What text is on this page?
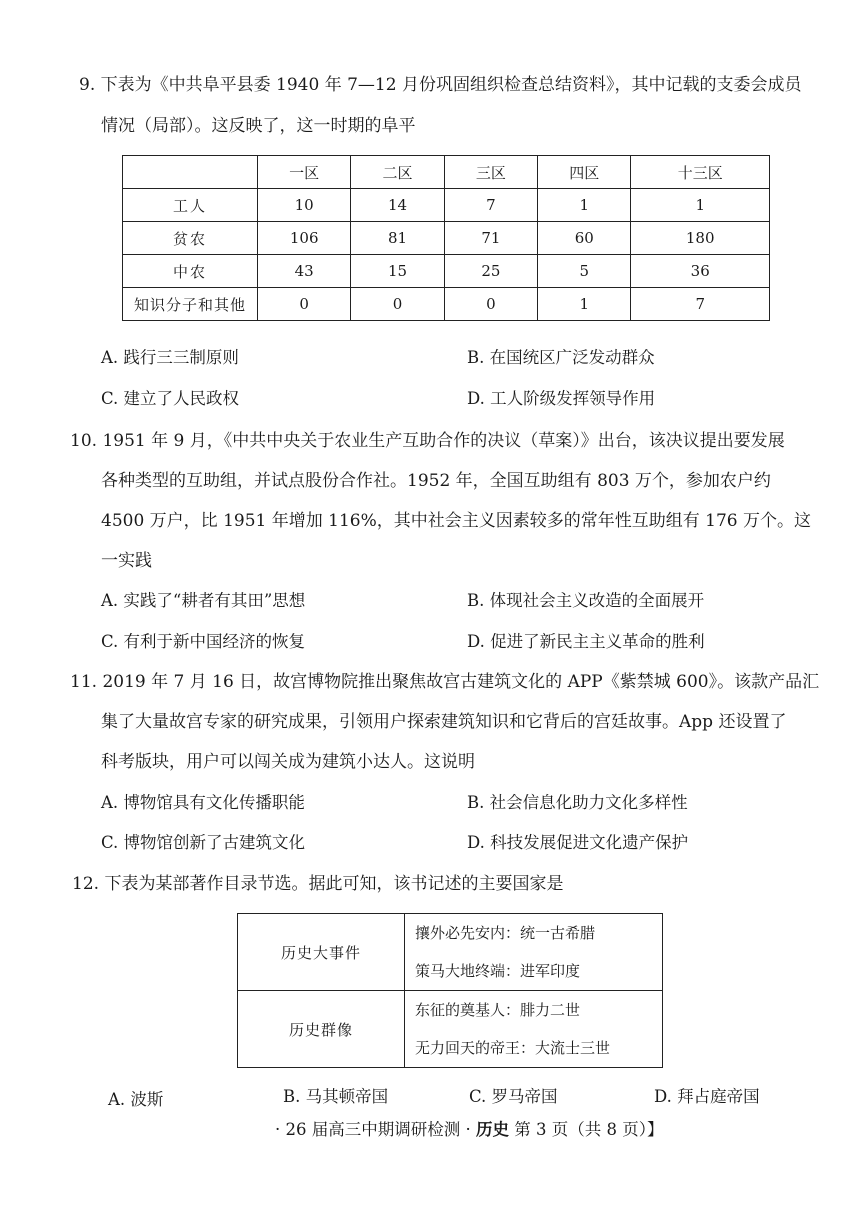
9. 下表为《中共阜平县委 1940 年 7—12 月份巩固组织检查总结资料》，其中记载的支委会成员
情况（局部）。这反映了，这一时期的阜平
	一区	二区	三区	四区	十三区
工人	10	14	7	1	1
贫农	106	81	71	60	180
中农	43	15	25	5	36
知识分子和其他	0	0	0	1	7
A. 践行三三制原则	B. 在国统区广泛发动群众
C. 建立了人民政权	D. 工人阶级发挥领导作用
10. 1951 年 9 月，《中共中央关于农业生产互助合作的决议（草案）》出台，该决议提出要发展
各种类型的互助组，并试点股份合作社。1952 年，全国互助组有 803 万个，参加农户约
4500 万户，比 1951 年增加 116%，其中社会主义因素较多的常年性互助组有 176 万个。这
一实践
A. 实践了“耕者有其田”思想	B. 体现社会主义改造的全面展开
C. 有利于新中国经济的恢复	D. 促进了新民主主义革命的胜利
11. 2019 年 7 月 16 日，故宫博物院推出聚焦故宫古建筑文化的 APP《紫禁城 600》。该款产品汇
集了大量故宫专家的研究成果，引领用户探索建筑知识和它背后的宫廷故事。App 还设置了
科考版块，用户可以闯关成为建筑小达人。这说明
A. 博物馆具有文化传播职能	B. 社会信息化助力文化多样性
C. 博物馆创新了古建筑文化	D. 科技发展促进文化遗产保护
12. 下表为某部著作目录节选。据此可知，该书记述的主要国家是
历史大事件	攘外必先安内：统一古希腊
策马大地终端：进军印度

历史群像	东征的奠基人：腓力二世
无力回天的帝王：大流士三世
A. 波斯	B. 马其顿帝国	C. 罗马帝国	D. 拜占庭帝国
· 26 届高三中期调研检测 · 历史 第 3 页（共 8 页）】
